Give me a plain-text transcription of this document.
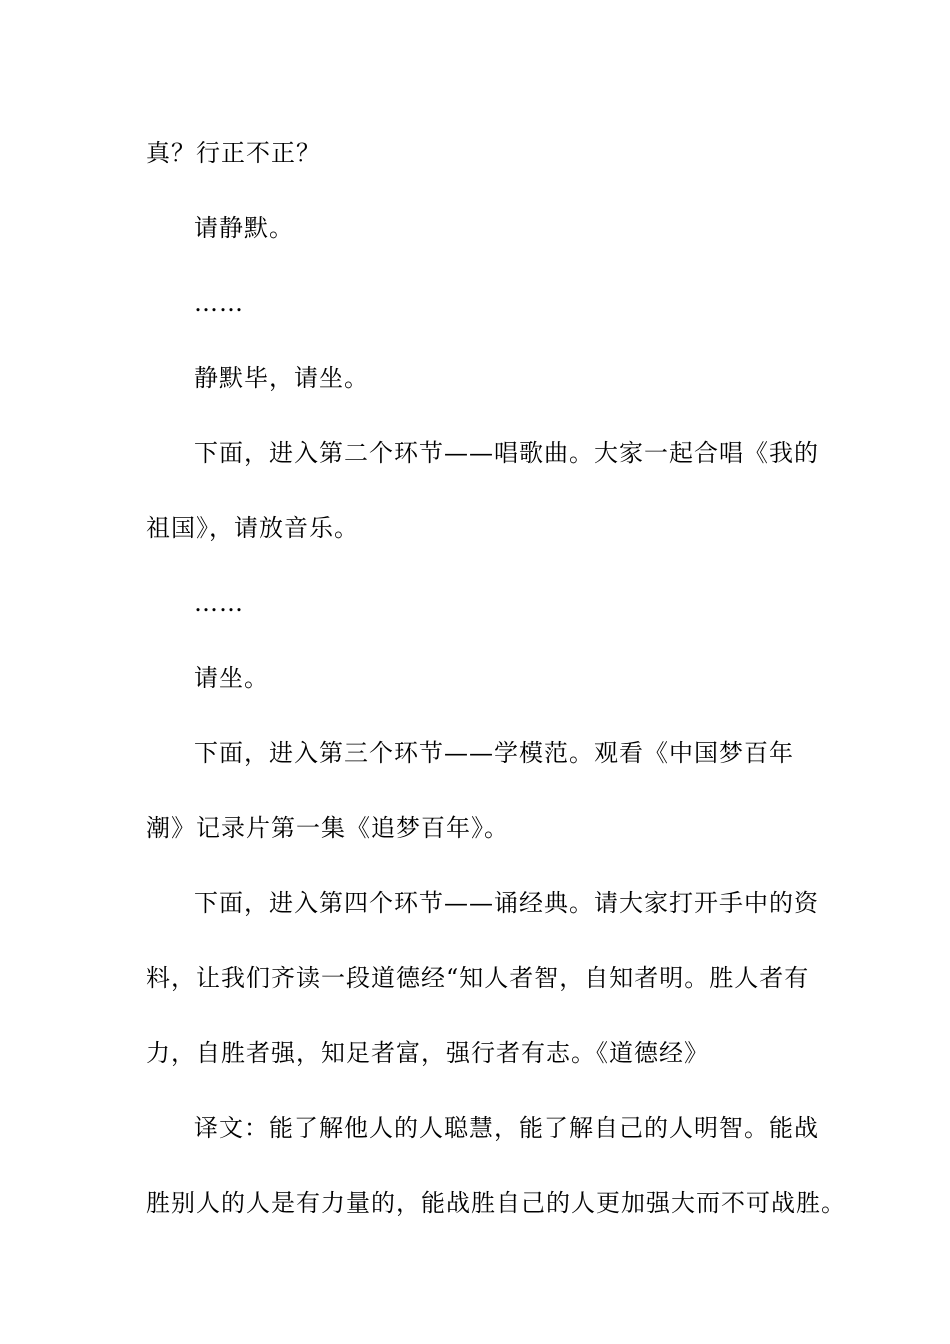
真？行正不正？
请静默。
……
静默毕，请坐。
下面，进入第二个环节——唱歌曲。大家一起合唱《我的
祖国》，请放音乐。
……
请坐。
下面，进入第三个环节——学模范。观看《中国梦百年
潮》记录片第一集《追梦百年》。
下面，进入第四个环节——诵经典。请大家打开手中的资
料，让我们齐读一段道德经“知人者智，自知者明。胜人者有
力，自胜者强，知足者富，强行者有志。《道德经》
译文：能了解他人的人聪慧，能了解自己的人明智。能战
胜别人的人是有力量的，能战胜自己的人更加强大而不可战胜。
